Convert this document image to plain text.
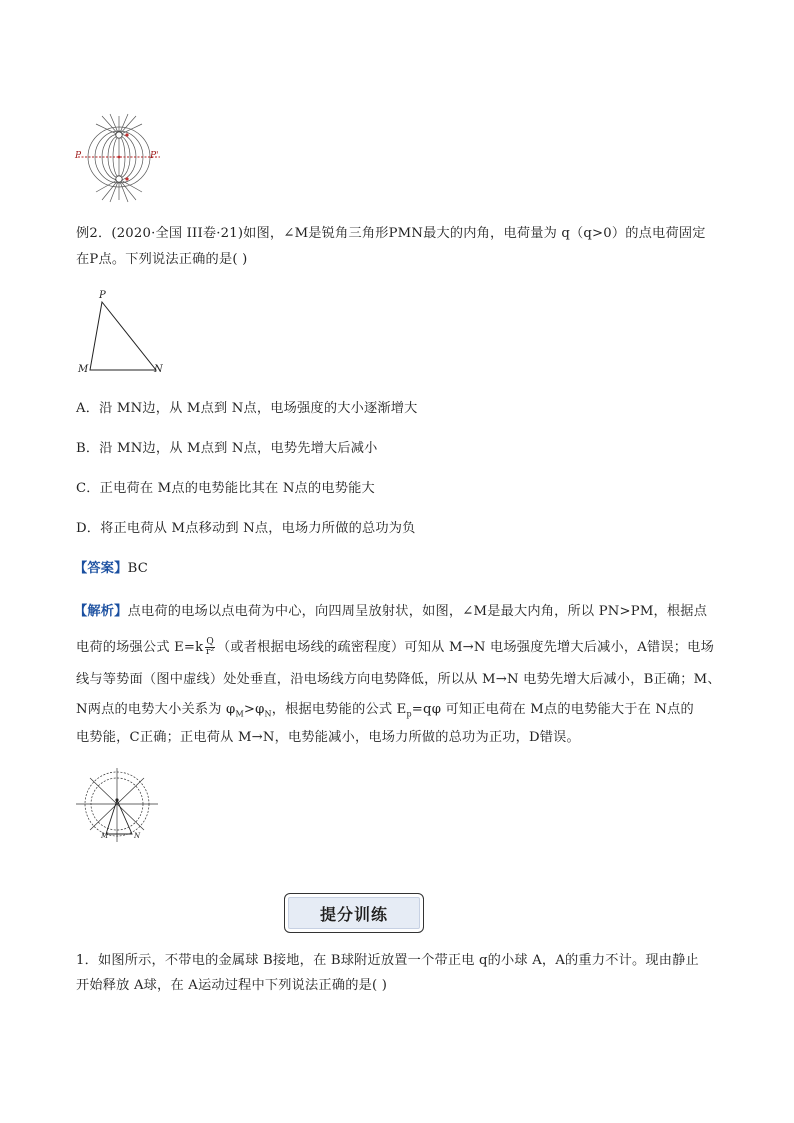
P	P'
例2．(2020·全国 III卷·21)如图，∠M是锐角三角形PMN最大的内角，电荷量为 q（q>0）的点电荷固定
在P点。下列说法正确的是( )
P
M	N
A．沿 MN边，从 M点到 N点，电场强度的大小逐渐增大
B．沿 MN边，从 M点到 N点，电势先增大后减小
C．正电荷在 M点的电势能比其在 N点的电势能大
D．将正电荷从 M点移动到 N点，电场力所做的总功为负
【答案】BC
【解析】点电荷的电场以点电荷为中心，向四周呈放射状，如图，∠M是最大内角，所以 PN>PM，根据点
电荷的场强公式 $E=k \frac{Q}{\text{r²}}$ （或者根据电场线的疏密程度）可知从 M→N 电场强度先增大后减小，A错误；电场
线与等势面（图中虚线）处处垂直，沿电场线方向电势降低，所以从 M→N 电势先增大后减小，B正确；M、
N两点的电势大小关系为 $\varphi_M>\varphi_N$，根据电势能的公式 $E_p=q\varphi$ 可知正电荷在 M点的电势能大于在 N点的
电势能，C正确；正电荷从 M→N，电势能减小，电场力所做的总功为正功，D错误。
M	N
提分训练
1．如图所示，不带电的金属球 B接地，在 B球附近放置一个带正电 q的小球 A，A的重力不计。现由静止
开始释放 A球，在 A运动过程中下列说法正确的是( )
